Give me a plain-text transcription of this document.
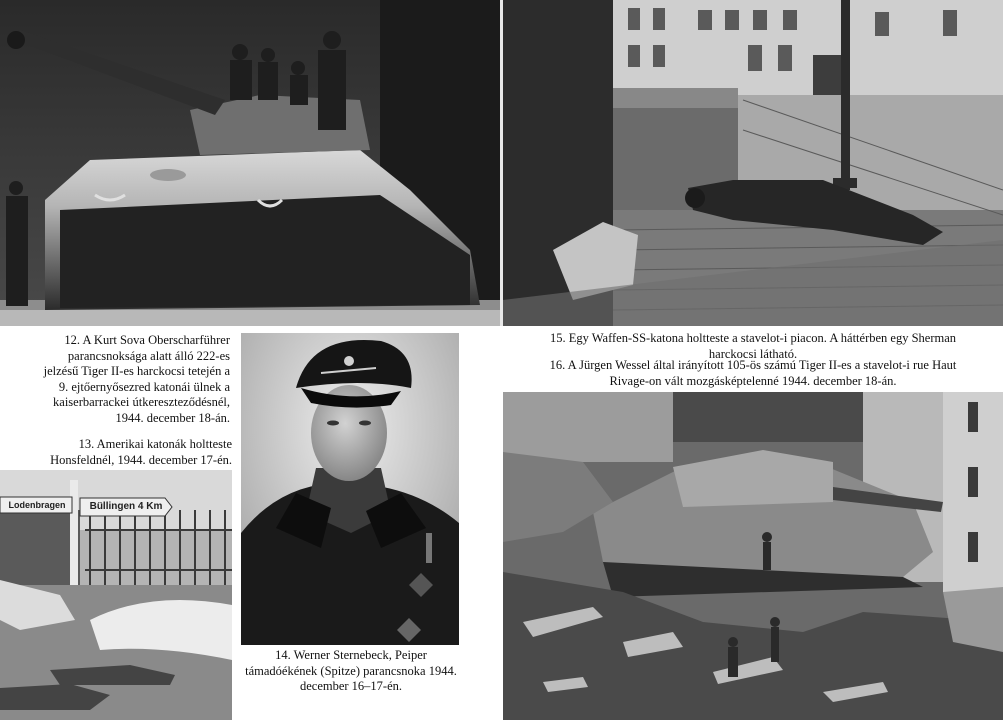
12. A Kurt Sova Oberscharführer parancsnoksága alatt álló 222-es jelzésű Tiger II-es harckocsi tetején a 9. ejtőernyősezred katonái ülnek a kaiserbarrackei útkereszteződésnél, 1944. december 18-án.

13. Amerikai katonák holtteste Honsfeldnél, 1944. december 17-én.

Lodenbragen	Büllingen 4 Km

14. Werner Sternebeck, Peiper támadóékének (Spitze) parancsnoka 1944. december 16–17-én.

15. Egy Waffen-SS-katona holtteste a stavelot-i piacon. A háttérben egy Sherman harckocsi látható.

16. A Jürgen Wessel által irányított 105-ös számú Tiger II-es a stavelot-i rue Haut Rivage-on vált mozgásképtelenné 1944. december 18-án.
